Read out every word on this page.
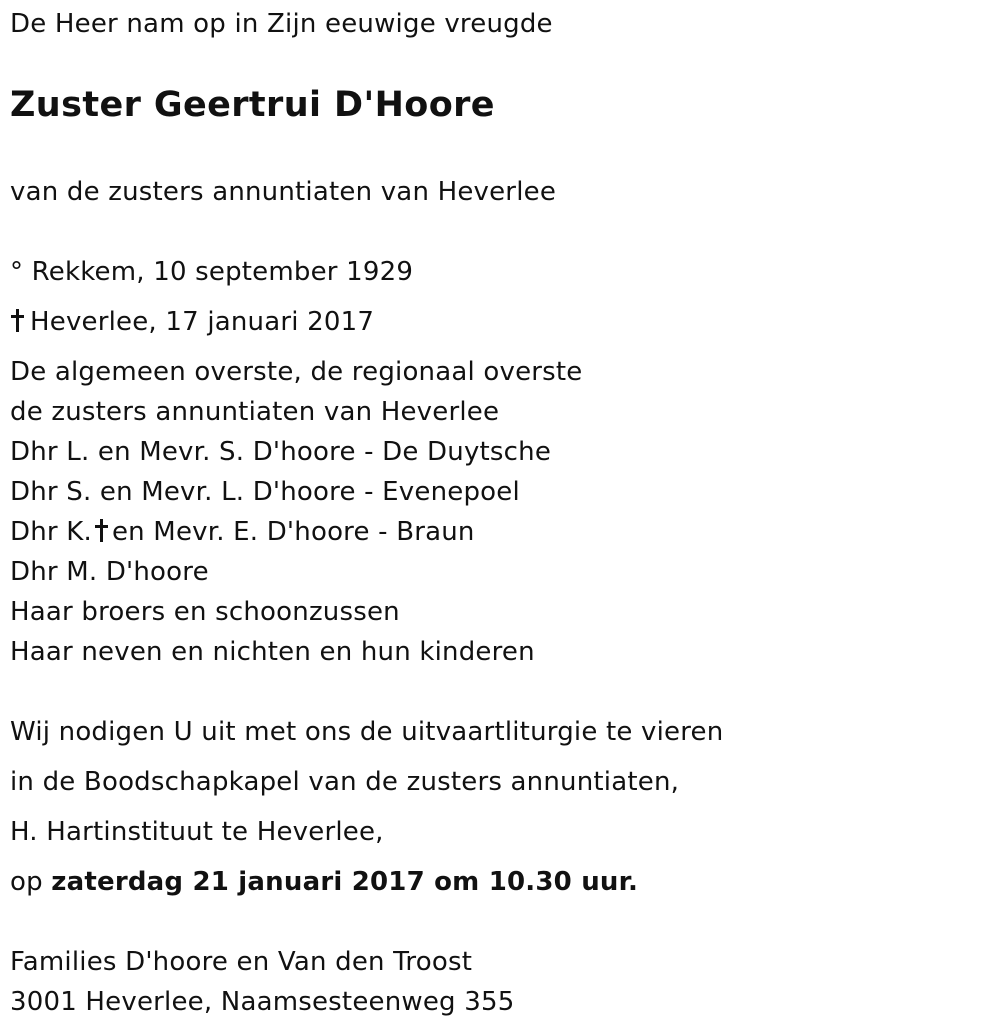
De Heer nam op in Zijn eeuwige vreugde
Zuster Geertrui D'Hoore
van de zusters annuntiaten van Heverlee
° Rekkem, 10 september 1929
Heverlee, 17 januari 2017
De algemeen overste, de regionaal overste
de zusters annuntiaten van Heverlee
Dhr L. en Mevr. S. D'hoore - De Duytsche
Dhr S. en Mevr. L. D'hoore - Evenepoel
Dhr K. en Mevr. E. D'hoore - Braun
Dhr M. D'hoore
Haar broers en schoonzussen
Haar neven en nichten en hun kinderen
Wij nodigen U uit met ons de uitvaartliturgie te vieren
in de Boodschapkapel van de zusters annuntiaten,
H. Hartinstituut te Heverlee,
op zaterdag 21 januari 2017 om 10.30 uur.
Families D'hoore en Van den Troost
3001 Heverlee, Naamsesteenweg 355
